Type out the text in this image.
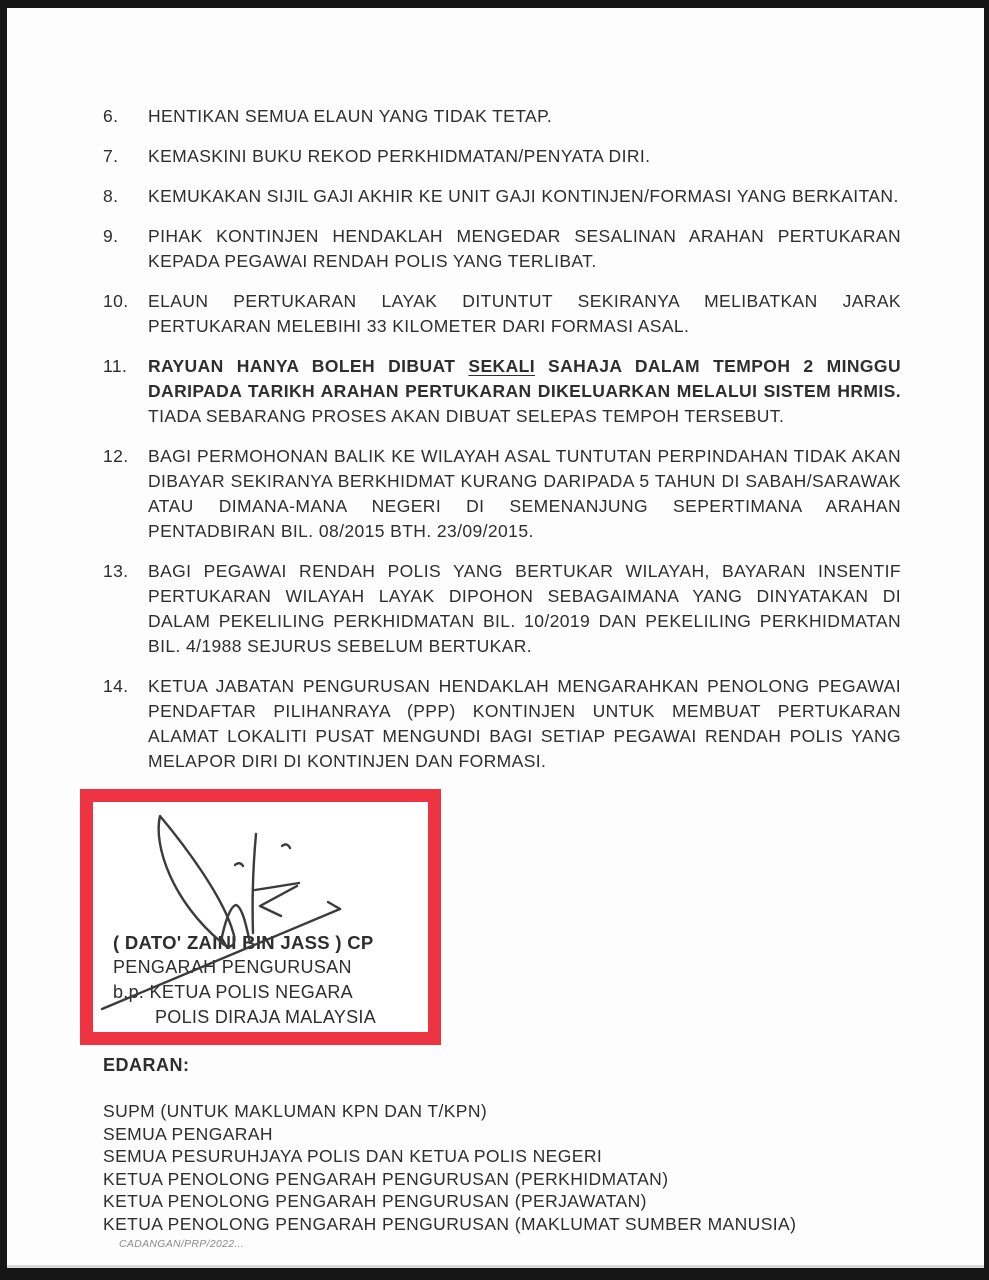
6.	HENTIKAN SEMUA ELAUN YANG TIDAK TETAP.

7.	KEMASKINI BUKU REKOD PERKHIDMATAN/PENYATA DIRI.

8.	KEMUKAKAN SIJIL GAJI AKHIR KE UNIT GAJI KONTINJEN/FORMASI YANG BERKAITAN.

9.	PIHAK KONTINJEN HENDAKLAH MENGEDAR SESALINAN ARAHAN PERTUKARAN KEPADA PEGAWAI RENDAH POLIS YANG TERLIBAT.

10.	ELAUN PERTUKARAN LAYAK DITUNTUT SEKIRANYA MELIBATKAN JARAK PERTUKARAN MELEBIHI 33 KILOMETER DARI FORMASI ASAL.

11.	RAYUAN HANYA BOLEH DIBUAT SEKALI SAHAJA DALAM TEMPOH 2 MINGGU DARIPADA TARIKH ARAHAN PERTUKARAN DIKELUARKAN MELALUI SISTEM HRMIS. TIADA SEBARANG PROSES AKAN DIBUAT SELEPAS TEMPOH TERSEBUT.

12.	BAGI PERMOHONAN BALIK KE WILAYAH ASAL TUNTUTAN PERPINDAHAN TIDAK AKAN DIBAYAR SEKIRANYA BERKHIDMAT KURANG DARIPADA 5 TAHUN DI SABAH/SARAWAK ATAU DIMANA-MANA NEGERI DI SEMENANJUNG SEPERTIMANA ARAHAN PENTADBIRAN BIL. 08/2015 BTH. 23/09/2015.

13.	BAGI PEGAWAI RENDAH POLIS YANG BERTUKAR WILAYAH, BAYARAN INSENTIF PERTUKARAN WILAYAH LAYAK DIPOHON SEBAGAIMANA YANG DINYATAKAN DI DALAM PEKELILING PERKHIDMATAN BIL. 10/2019 DAN PEKELILING PERKHIDMATAN BIL. 4/1988 SEJURUS SEBELUM BERTUKAR.

14.	KETUA JABATAN PENGURUSAN HENDAKLAH MENGARAHKAN PENOLONG PEGAWAI PENDAFTAR PILIHANRAYA (PPP) KONTINJEN UNTUK MEMBUAT PERTUKARAN ALAMAT LOKALITI PUSAT MENGUNDI BAGI SETIAP PEGAWAI RENDAH POLIS YANG MELAPOR DIRI DI KONTINJEN DAN FORMASI.

( DATO' ZAINI BIN JASS ) CP
PENGARAH PENGURUSAN
b.p. KETUA POLIS NEGARA
POLIS DIRAJA MALAYSIA
EDARAN:
SUPM (UNTUK MAKLUMAN KPN DAN T/KPN)
SEMUA PENGARAH
SEMUA PESURUHJAYA POLIS DAN KETUA POLIS NEGERI
KETUA PENOLONG PENGARAH PENGURUSAN (PERKHIDMATAN)
KETUA PENOLONG PENGARAH PENGURUSAN (PERJAWATAN)
KETUA PENOLONG PENGARAH PENGURUSAN (MAKLUMAT SUMBER MANUSIA)
CADANGAN/PRP/2022...
